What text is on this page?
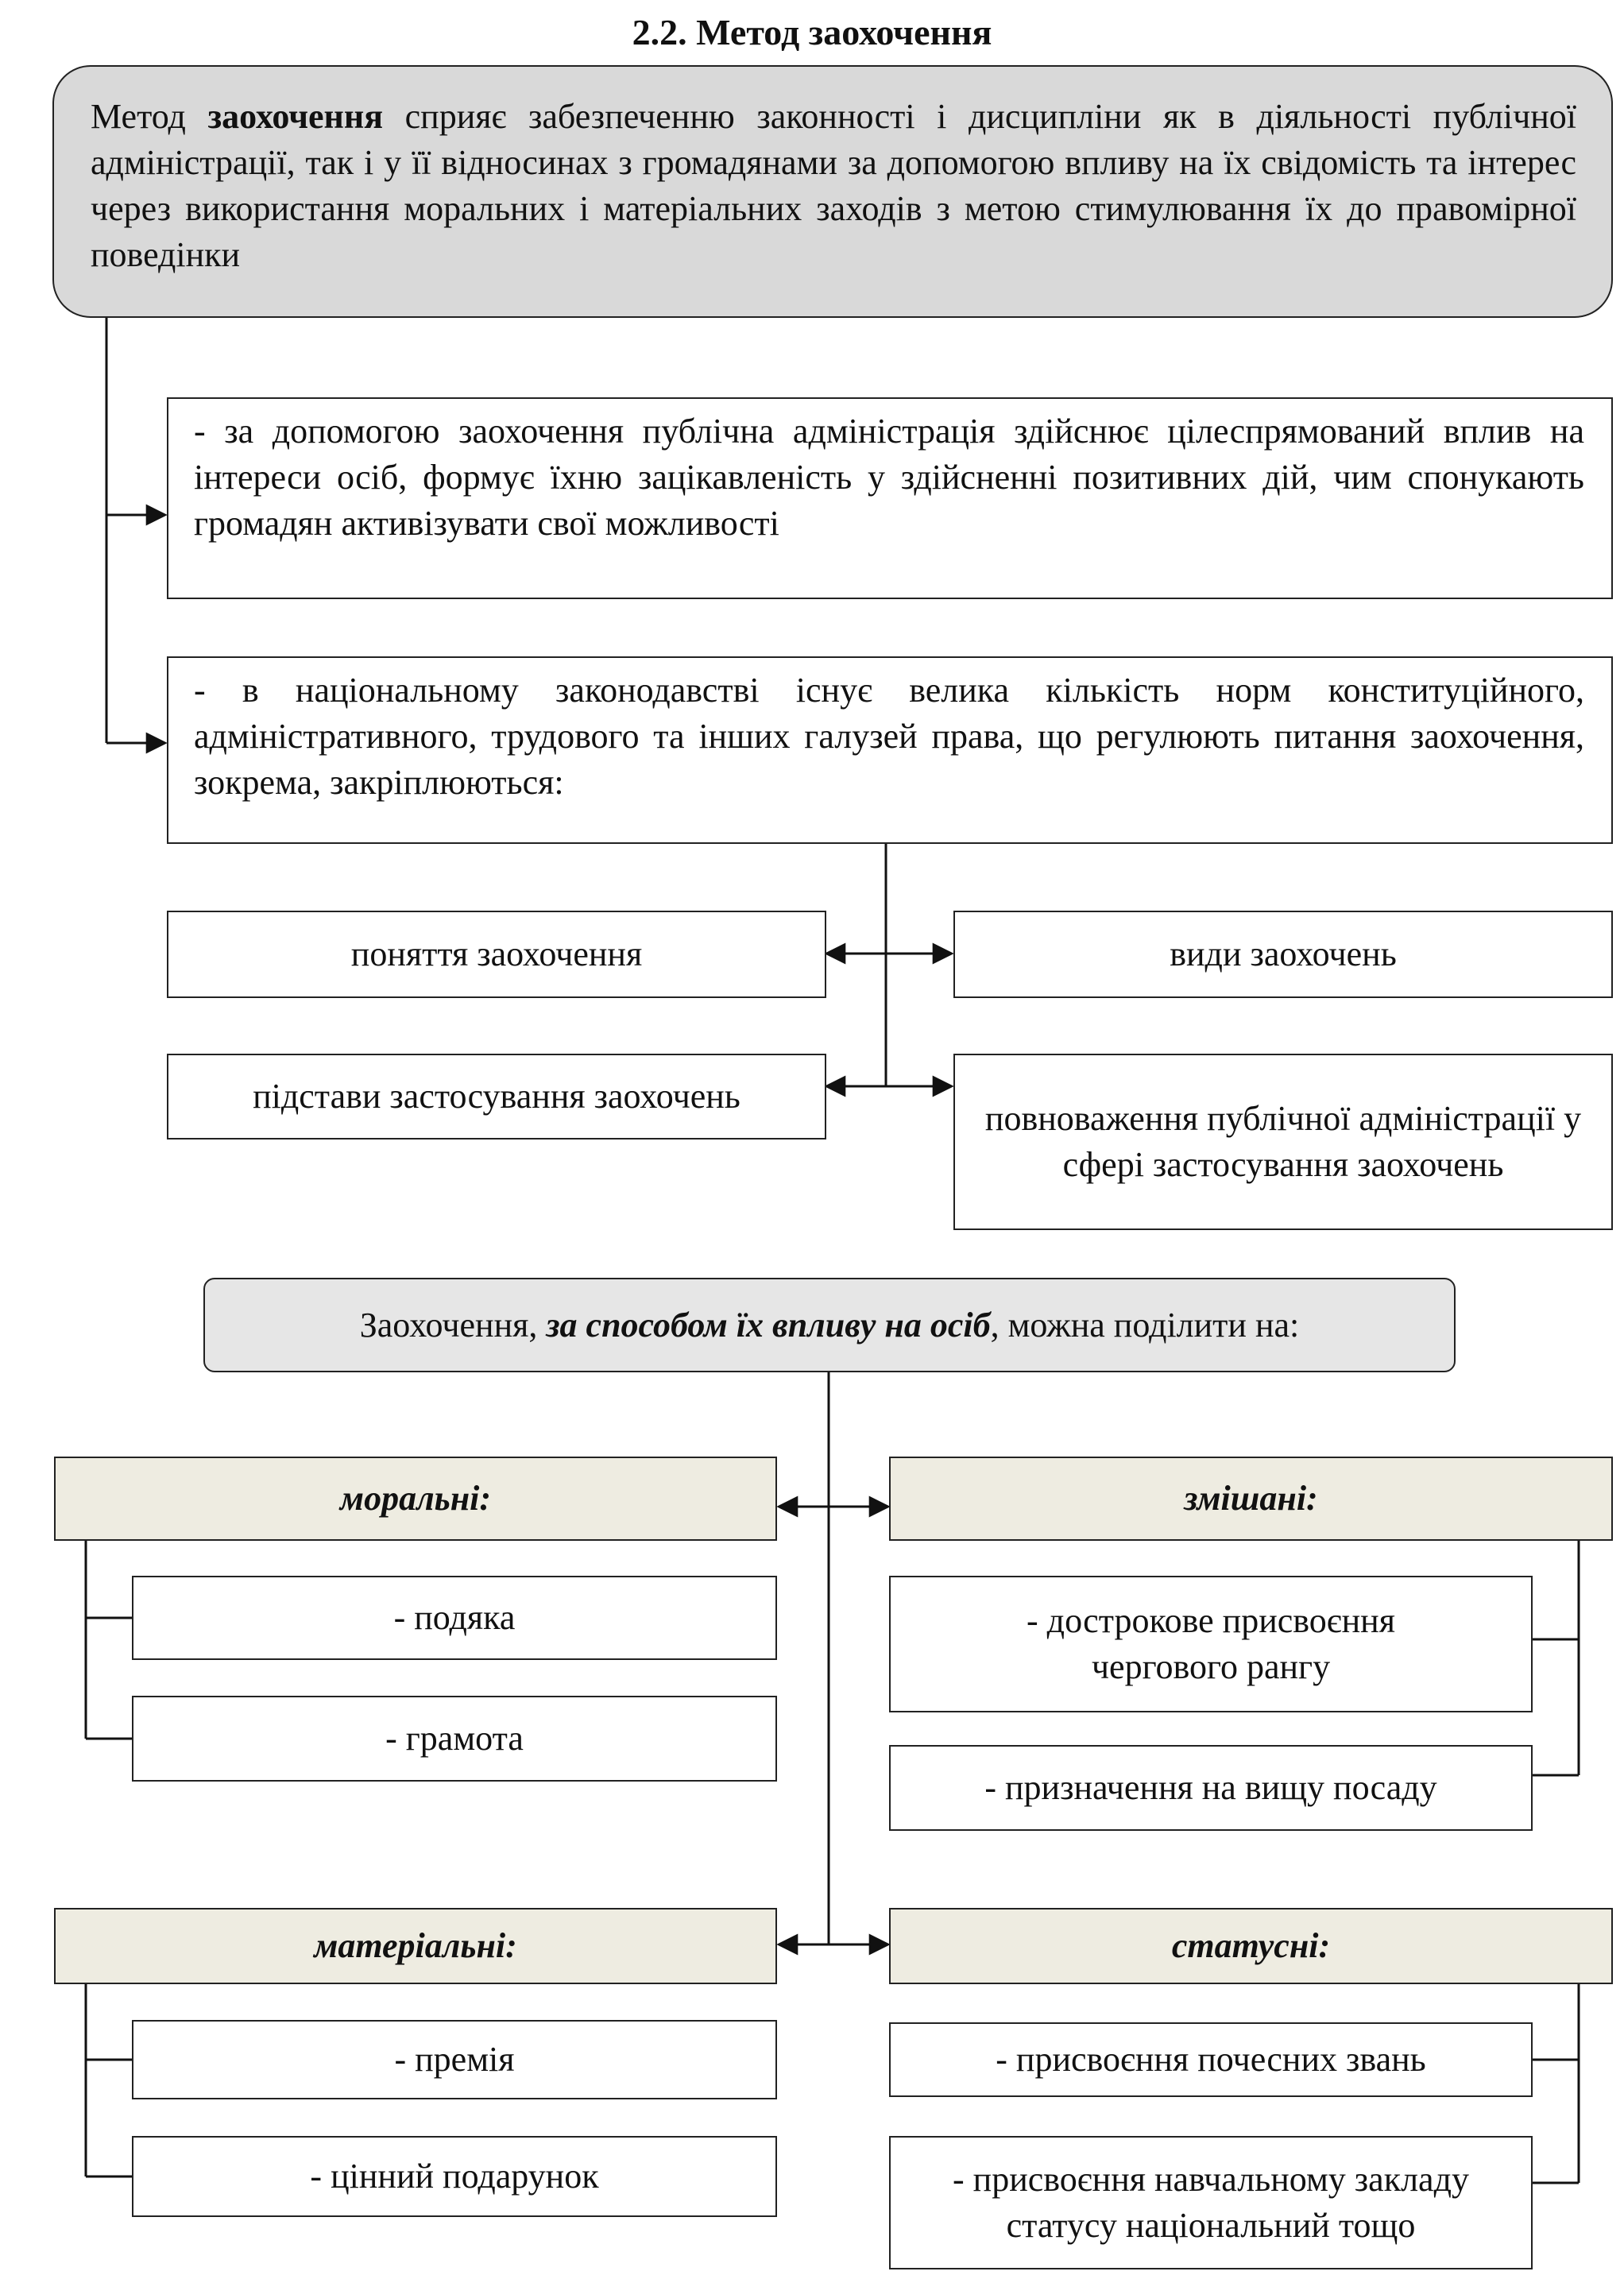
2.2. Метод заохочення
Метод заохочення сприяє забезпеченню законності і дисципліни як в діяльності публічної адміністрації, так і у її відносинах з громадянами за допомогою впливу на їх свідомість та інтерес через використання моральних і матеріальних заходів з метою стимулювання їх до правомірної поведінки
- за допомогою заохочення публічна адміністрація здійснює цілеспрямований вплив на інтереси осіб, формує їхню зацікавленість у здійсненні позитивних дій, чим спонукають громадян активізувати свої можливості
- в національному законодавстві існує велика кількість норм конституційного, адміністративного, трудового та інших галузей права, що регулюють питання заохочення, зокрема, закріплюються:
поняття заохочення
підстави застосування заохочень
види заохочень
повноваження публічної адміністрації у сфері застосування заохочень
Заохочення, за способом їх впливу на осіб, можна поділити на:
моральні:
- подяка
- грамота
змішані:
- дострокове присвоєння чергового рангу
- призначення на вищу посаду
матеріальні:
- премія
- цінний подарунок
статусні:
- присвоєння почесних звань
- присвоєння навчальному закладу статусу національний тощо
